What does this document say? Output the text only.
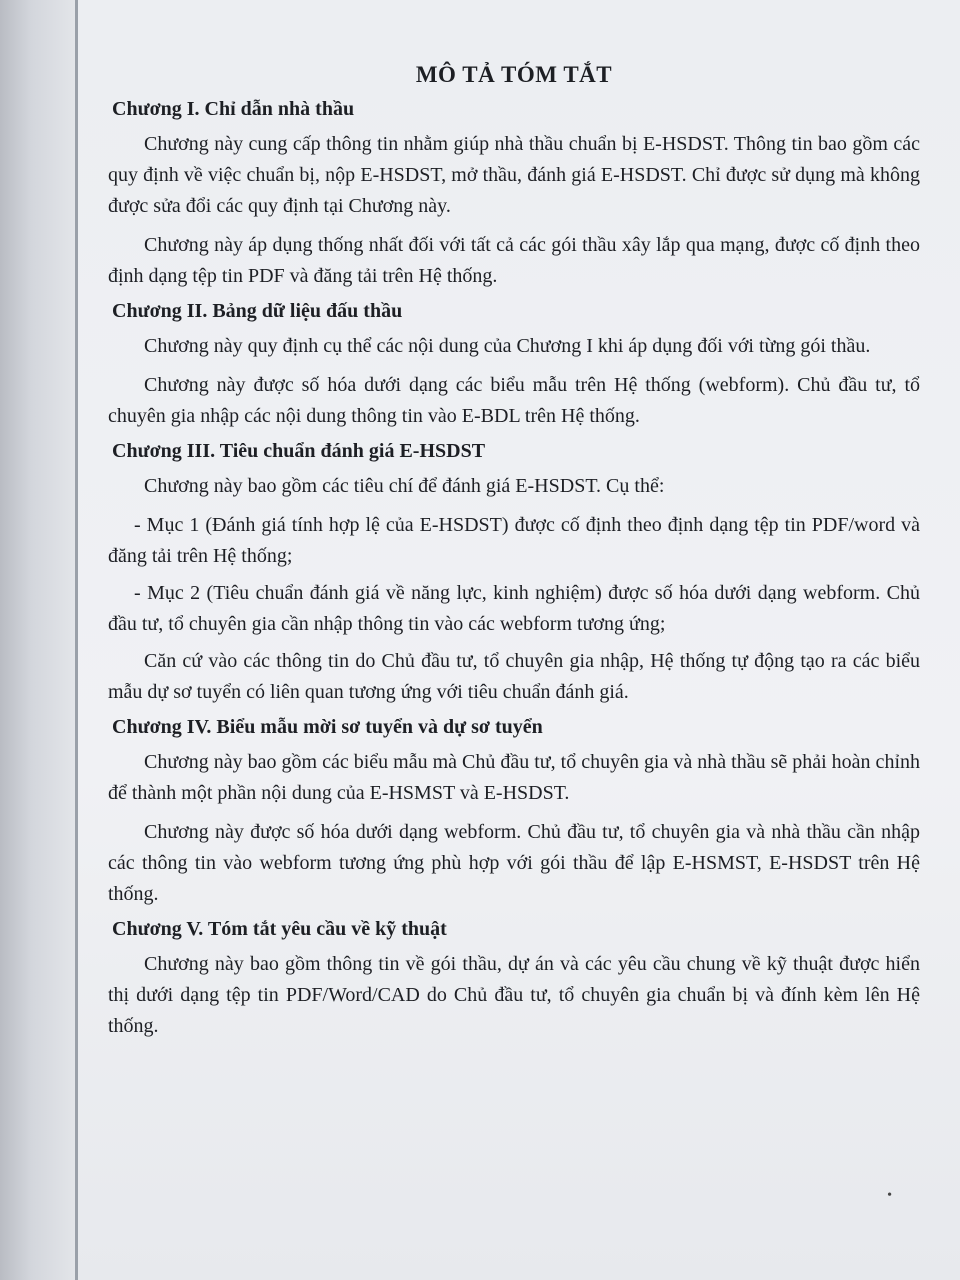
MÔ TẢ TÓM TẮT
Chương I. Chỉ dẫn nhà thầu

Chương này cung cấp thông tin nhằm giúp nhà thầu chuẩn bị E-HSDST. Thông tin bao gồm các quy định về việc chuẩn bị, nộp E-HSDST, mở thầu, đánh giá E-HSDST. Chỉ được sử dụng mà không được sửa đổi các quy định tại Chương này.

Chương này áp dụng thống nhất đối với tất cả các gói thầu xây lắp qua mạng, được cố định theo định dạng tệp tin PDF và đăng tải trên Hệ thống.

Chương II. Bảng dữ liệu đấu thầu

Chương này quy định cụ thể các nội dung của Chương I khi áp dụng đối với từng gói thầu.

Chương này được số hóa dưới dạng các biểu mẫu trên Hệ thống (webform). Chủ đầu tư, tổ chuyên gia nhập các nội dung thông tin vào E-BDL trên Hệ thống.

Chương III. Tiêu chuẩn đánh giá E-HSDST

Chương này bao gồm các tiêu chí để đánh giá E-HSDST. Cụ thể:

- Mục 1 (Đánh giá tính hợp lệ của E-HSDST) được cố định theo định dạng tệp tin PDF/word và đăng tải trên Hệ thống;

- Mục 2 (Tiêu chuẩn đánh giá về năng lực, kinh nghiệm) được số hóa dưới dạng webform. Chủ đầu tư, tổ chuyên gia cần nhập thông tin vào các webform tương ứng;

Căn cứ vào các thông tin do Chủ đầu tư, tổ chuyên gia nhập, Hệ thống tự động tạo ra các biểu mẫu dự sơ tuyển có liên quan tương ứng với tiêu chuẩn đánh giá.

Chương IV. Biểu mẫu mời sơ tuyển và dự sơ tuyển

Chương này bao gồm các biểu mẫu mà Chủ đầu tư, tổ chuyên gia và nhà thầu sẽ phải hoàn chỉnh để thành một phần nội dung của E-HSMST và E-HSDST.

Chương này được số hóa dưới dạng webform. Chủ đầu tư, tổ chuyên gia và nhà thầu cần nhập các thông tin vào webform tương ứng phù hợp với gói thầu để lập E-HSMST, E-HSDST trên Hệ thống.

Chương V. Tóm tắt yêu cầu về kỹ thuật

Chương này bao gồm thông tin về gói thầu, dự án và các yêu cầu chung về kỹ thuật được hiển thị dưới dạng tệp tin PDF/Word/CAD do Chủ đầu tư, tổ chuyên gia chuẩn bị và đính kèm lên Hệ thống.

•
